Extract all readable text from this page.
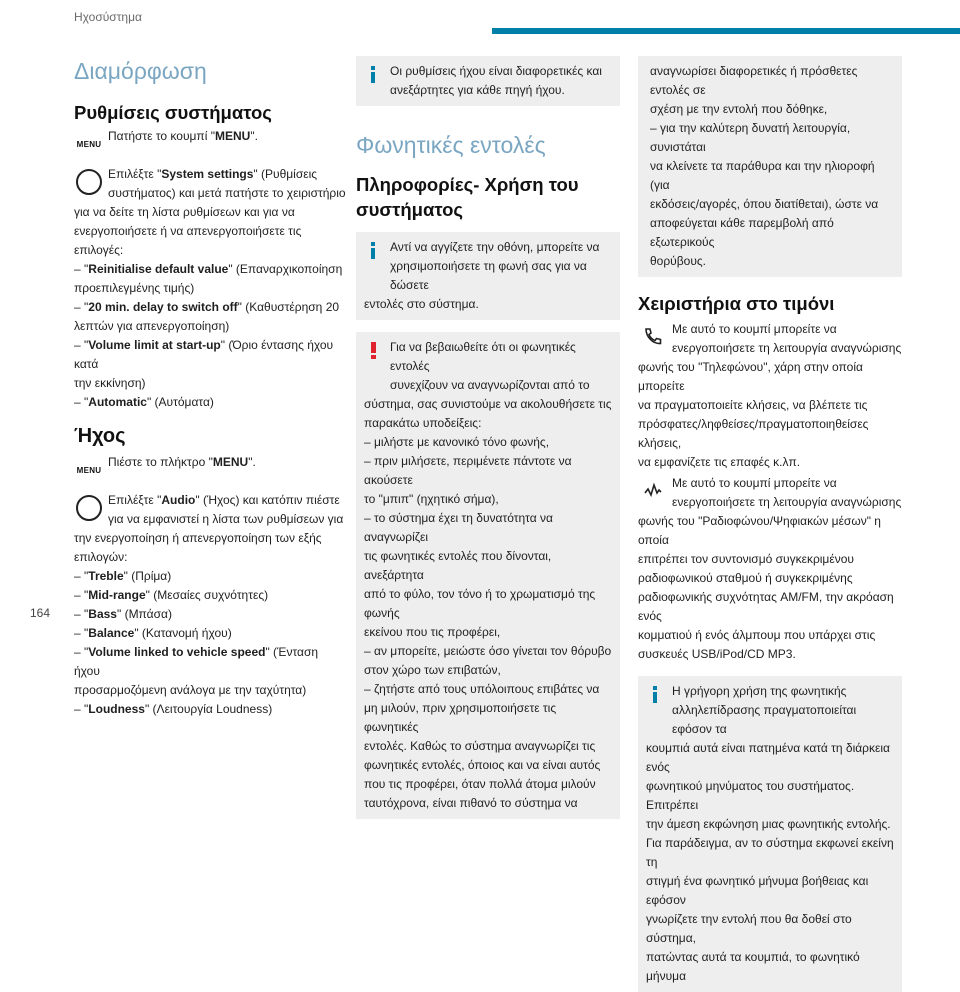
Ηχοσύστημα
Διαμόρφωση
Ρυθμίσεις συστήματος
MENU
Πατήστε το κουμπί "MENU".
Επιλέξτε "System settings" (Ρυθμίσεις
συστήματος) και μετά πατήστε το χειριστήριο
για να δείτε τη λίστα ρυθμίσεων και για να
ενεργοποιήσετε ή να απενεργοποιήσετε τις επιλογές:
– "Reinitialise default value" (Επαναρχικοποίηση
προεπιλεγμένης τιμής)
– "20 min. delay to switch off" (Καθυστέρηση 20
λεπτών για απενεργοποίηση)
– "Volume limit at start-up" (Όριο έντασης ήχου κατά
την εκκίνηση)
– "Automatic" (Αυτόματα)
Ήχος
MENU
Πιέστε το πλήκτρο "MENU".
Επιλέξτε "Audio" (Ήχος) και κατόπιν πιέστε
για να εμφανιστεί η λίστα των ρυθμίσεων για
την ενεργοποίηση ή απενεργοποίηση των εξής
επιλογών:
– "Treble" (Πρίμα)
– "Mid-range" (Μεσαίες συχνότητες)
– "Bass" (Μπάσα)
– "Balance" (Κατανομή ήχου)
– "Volume linked to vehicle speed" (Ένταση ήχου
προσαρμοζόμενη ανάλογα με την ταχύτητα)
– "Loudness" (Λειτουργία Loudness)
Οι ρυθμίσεις ήχου είναι διαφορετικές και
ανεξάρτητες για κάθε πηγή ήχου.
Φωνητικές εντολές
Πληροφορίες- Χρήση του
συστήματος
Αντί να αγγίζετε την οθόνη, μπορείτε να
χρησιμοποιήσετε τη φωνή σας για να δώσετε
εντολές στο σύστημα.
Για να βεβαιωθείτε ότι οι φωνητικές εντολές
συνεχίζουν να αναγνωρίζονται από το
σύστημα, σας συνιστούμε να ακολουθήσετε τις
παρακάτω υποδείξεις:
– μιλήστε με κανονικό τόνο φωνής,
– πριν μιλήσετε, περιμένετε πάντοτε να ακούσετε
το "μπιπ" (ηχητικό σήμα),
– το σύστημα έχει τη δυνατότητα να αναγνωρίζει
τις φωνητικές εντολές που δίνονται, ανεξάρτητα
από το φύλο, τον τόνο ή το χρωματισμό της φωνής
εκείνου που τις προφέρει,
– αν μπορείτε, μειώστε όσο γίνεται τον θόρυβο
στον χώρο των επιβατών,
– ζητήστε από τους υπόλοιπους επιβάτες να
μη μιλούν, πριν χρησιμοποιήσετε τις φωνητικές
εντολές. Καθώς το σύστημα αναγνωρίζει τις
φωνητικές εντολές, όποιος και να είναι αυτός
που τις προφέρει, όταν πολλά άτομα μιλούν
ταυτόχρονα, είναι πιθανό το σύστημα να
αναγνωρίσει διαφορετικές ή πρόσθετες εντολές σε
σχέση με την εντολή που δόθηκε,
– για την καλύτερη δυνατή λειτουργία, συνιστάται
να κλείνετε τα παράθυρα και την ηλιοροφή (για
εκδόσεις/αγορές, όπου διατίθεται), ώστε να
αποφεύγεται κάθε παρεμβολή από εξωτερικούς
θορύβους.
Χειριστήρια στο τιμόνι
Με αυτό το κουμπί μπορείτε να
ενεργοποιήσετε τη λειτουργία αναγνώρισης
φωνής του "Τηλεφώνου", χάρη στην οποία μπορείτε
να πραγματοποιείτε κλήσεις, να βλέπετε τις
πρόσφατες/ληφθείσες/πραγματοποιηθείσες κλήσεις,
να εμφανίζετε τις επαφές κ.λπ.
Με αυτό το κουμπί μπορείτε να
ενεργοποιήσετε τη λειτουργία αναγνώρισης
φωνής του "Ραδιοφώνου/Ψηφιακών μέσων" η οποία
επιτρέπει τον συντονισμό συγκεκριμένου
ραδιοφωνικού σταθμού ή συγκεκριμένης
ραδιοφωνικής συχνότητας AM/FM, την ακρόαση ενός
κομματιού ή ενός άλμπουμ που υπάρχει στις
συσκευές USB/iPod/CD MP3.
Η γρήγορη χρήση της φωνητικής
αλληλεπίδρασης πραγματοποιείται εφόσον τα
κουμπιά αυτά είναι πατημένα κατά τη διάρκεια ενός
φωνητικού μηνύματος του συστήματος. Επιτρέπει
την άμεση εκφώνηση μιας φωνητικής εντολής.
Για παράδειγμα, αν το σύστημα εκφωνεί εκείνη τη
στιγμή ένα φωνητικό μήνυμα βοήθειας και εφόσον
γνωρίζετε την εντολή που θα δοθεί στο σύστημα,
πατώντας αυτά τα κουμπιά, το φωνητικό μήνυμα
164
